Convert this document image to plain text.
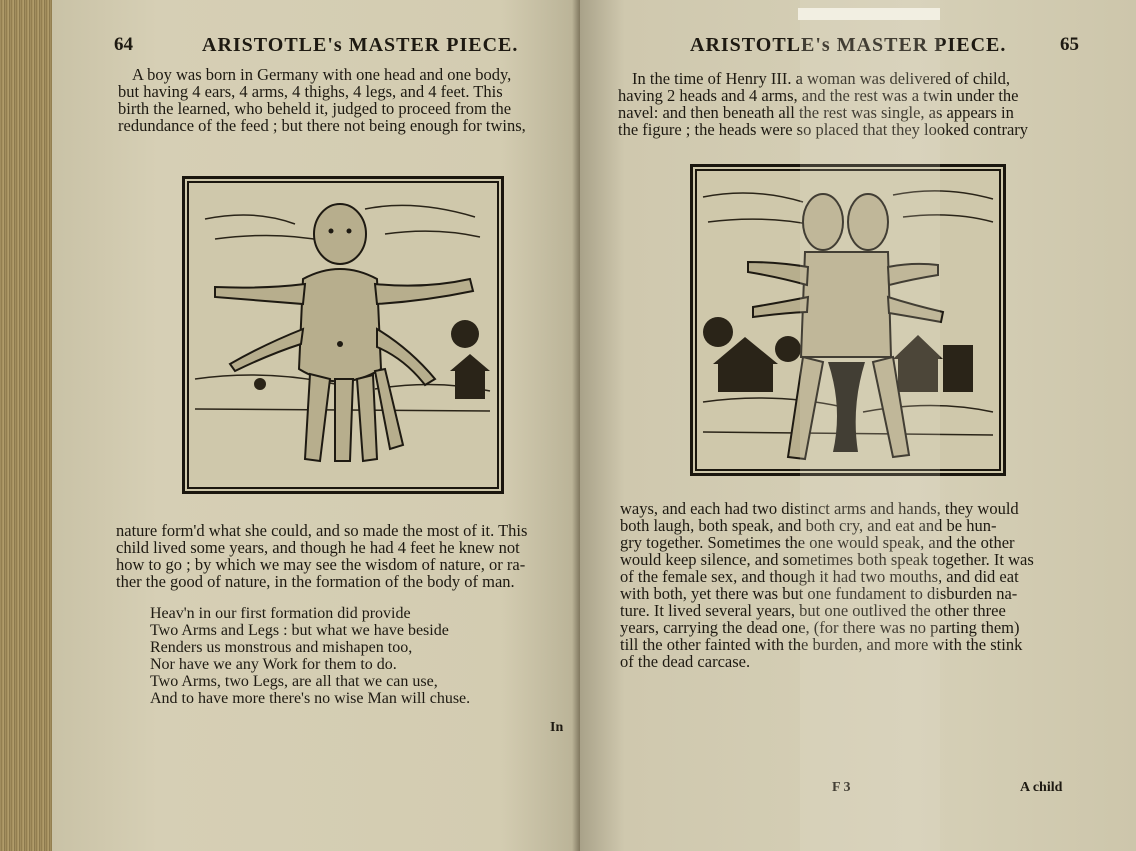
64	ARISTOTLE's MASTER PIECE.

A boy was born in Germany with one head and one body,

but having 4 ears, 4 arms, 4 thighs, 4 legs, and 4 feet. This

birth the learned, who beheld it, judged to proceed from the

redundance of the feed ; but there not being enough for twins,

nature form'd what she could, and so made the most of it. This

child lived some years, and though he had 4 feet he knew not

how to go ; by which we may see the wisdom of nature, or ra-

ther the good of nature, in the formation of the body of man.

Heav'n in our first formation did provide
Two Arms and Legs : but what we have beside
Renders us monstrous and mishapen too,
Nor have we any Work for them to do.
Two Arms, two Legs, are all that we can use,
And to have more there's no wise Man will chuse.
In
ARISTOTLE's MASTER PIECE.	65

In the time of Henry III. a woman was delivered of child,

having 2 heads and 4 arms, and the rest was a twin under the

navel: and then beneath all the rest was single, as appears in

the figure ; the heads were so placed that they looked contrary

ways, and each had two distinct arms and hands, they would

both laugh, both speak, and both cry, and eat and be hun-

gry together. Sometimes the one would speak, and the other

would keep silence, and sometimes both speak together. It was

of the female sex, and though it had two mouths, and did eat

with both, yet there was but one fundament to disburden na-

ture. It lived several years, but one outlived the other three

years, carrying the dead one, (for there was no parting them)

till the other fainted with the burden, and more with the stink

of the dead carcase.

F 3	A child
